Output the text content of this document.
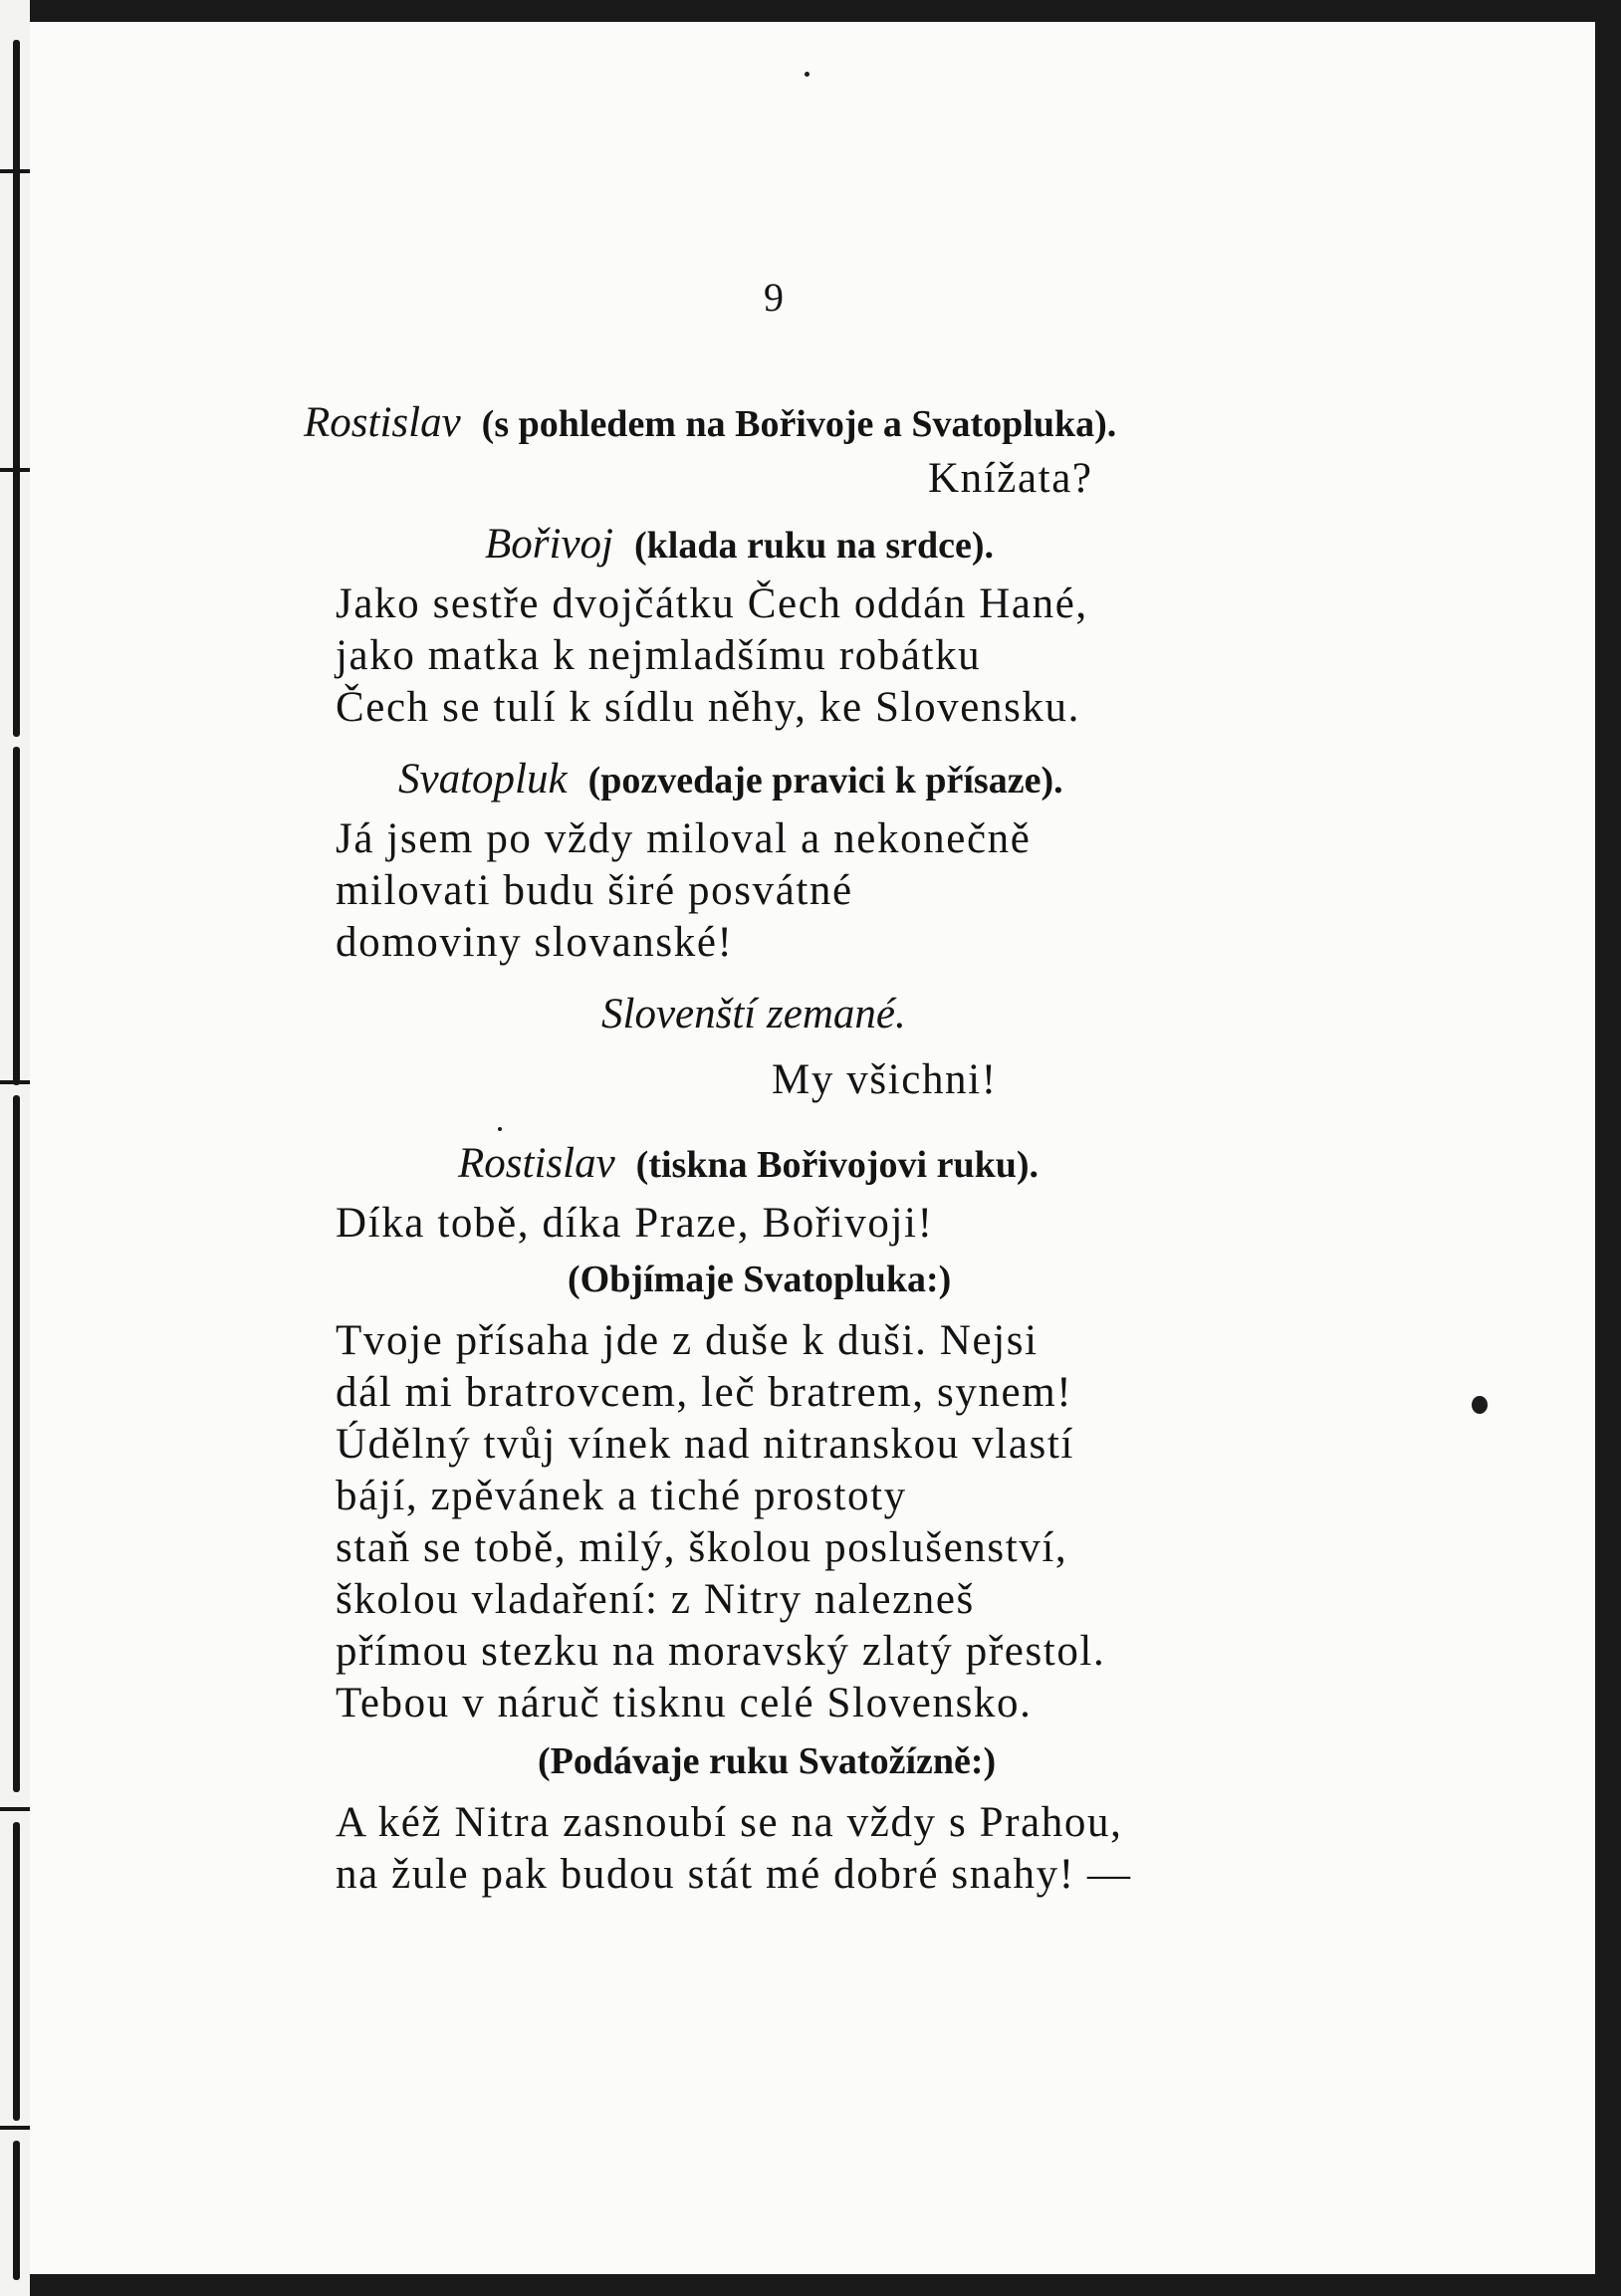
9
Rostislav (s pohledem na Bořivoje a Svatopluka).
Knížata?
Bořivoj (klada ruku na srdce).
Jako sestře dvojčátku Čech oddán Hané,
jako matka k nejmladšímu robátku
Čech se tulí k sídlu něhy, ke Slovensku.
Svatopluk (pozvedaje pravici k přísaze).
Já jsem po vždy miloval a nekonečně
milovati budu širé posvátné
domoviny slovanské!
Slovenští zemané.
My všichni!
Rostislav (tiskna Bořivojovi ruku).
Díka tobě, díka Praze, Bořivoji!
(Objímaje Svatopluka:)
Tvoje přísaha jde z duše k duši. Nejsi
dál mi bratrovcem, leč bratrem, synem!
Údělný tvůj vínek nad nitranskou vlastí
bájí, zpěvánek a tiché prostoty
staň se tobě, milý, školou poslušenství,
školou vladaření: z Nitry nalezneš
přímou stezku na moravský zlatý přestol.
Tebou v náruč tisknu celé Slovensko.
(Podávaje ruku Svatožízně:)
A kéž Nitra zasnoubí se na vždy s Prahou,
na žule pak budou stát mé dobré snahy! —
